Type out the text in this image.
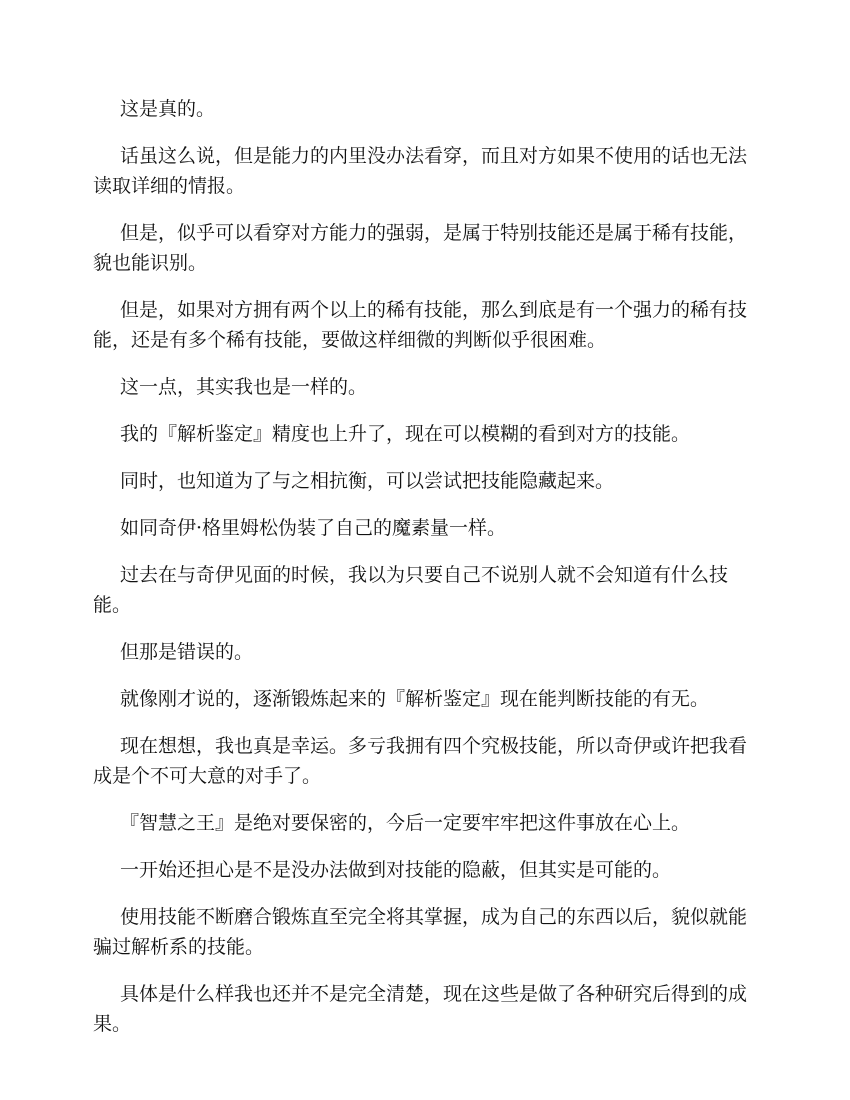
这是真的。

话虽这么说，但是能力的内里没办法看穿，而且对方如果不使用的话也无法读取详细的情报。

但是，似乎可以看穿对方能力的强弱，是属于特别技能还是属于稀有技能，貌也能识别。

但是，如果对方拥有两个以上的稀有技能，那么到底是有一个强力的稀有技能，还是有多个稀有技能，要做这样细微的判断似乎很困难。

这一点，其实我也是一样的。

我的『解析鉴定』精度也上升了，现在可以模糊的看到对方的技能。

同时，也知道为了与之相抗衡，可以尝试把技能隐藏起来。

如同奇伊·格里姆松伪装了自己的魔素量一样。

过去在与奇伊见面的时候，我以为只要自己不说别人就不会知道有什么技能。

但那是错误的。

就像刚才说的，逐渐锻炼起来的『解析鉴定』现在能判断技能的有无。

现在想想，我也真是幸运。多亏我拥有四个究极技能，所以奇伊或许把我看成是个不可大意的对手了。

『智慧之王』是绝对要保密的，今后一定要牢牢把这件事放在心上。

一开始还担心是不是没办法做到对技能的隐蔽，但其实是可能的。

使用技能不断磨合锻炼直至完全将其掌握，成为自己的东西以后，貌似就能骗过解析系的技能。

具体是什么样我也还并不是完全清楚，现在这些是做了各种研究后得到的成果。
